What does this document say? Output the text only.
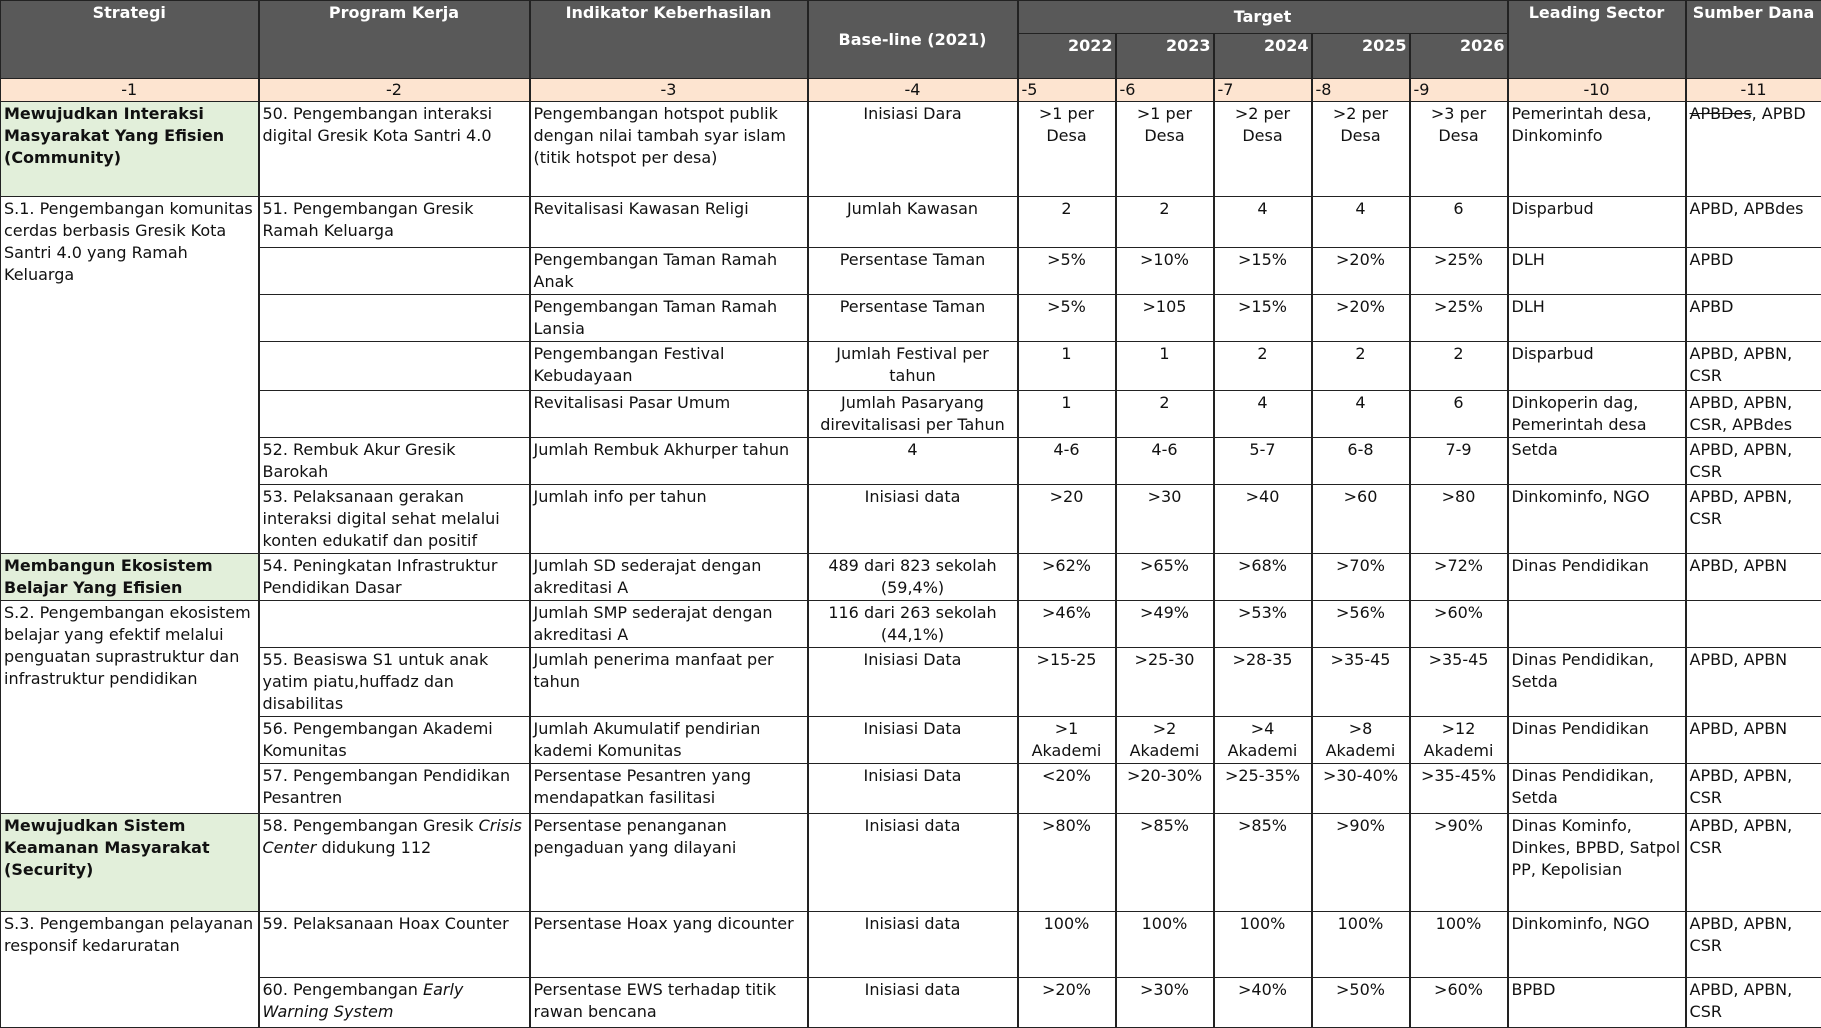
Strategi	Program Kerja	Indikator Keberhasilan	Base-line (2021)	Target					Leading Sector	Sumber Dana
				2022	2023	2024	2025	2026		
-1	-2	-3	-4	-5	-6	-7	-8	-9	-10	-11
Mewujudkan Interaksi Masyarakat Yang Efisien (Community)	50. Pengembangan interaksi digital Gresik Kota Santri 4.0	Pengembangan hotspot publik dengan nilai tambah syar islam (titik hotspot per desa)	Inisiasi Dara	>1 per Desa	>1 per Desa	>2 per Desa	>2 per Desa	>3 per Desa	Pemerintah desa, Dinkominfo	APBDes, APBD
S.1. Pengembangan komunitas cerdas berbasis Gresik Kota Santri 4.0 yang Ramah Keluarga	51. Pengembangan Gresik Ramah Keluarga	Revitalisasi Kawasan Religi	Jumlah Kawasan	2	2	4	4	6	Disparbud	APBD, APBdes
		Pengembangan Taman Ramah Anak	Persentase Taman	>5%	>10%	>15%	>20%	>25%	DLH	APBD
		Pengembangan Taman Ramah Lansia	Persentase Taman	>5%	>105	>15%	>20%	>25%	DLH	APBD
		Pengembangan Festival Kebudayaan	Jumlah Festival per tahun	1	1	2	2	2	Disparbud	APBD, APBN, CSR
		Revitalisasi Pasar Umum	Jumlah Pasaryang direvitalisasi per Tahun	1	2	4	4	6	Dinkoperin dag, Pemerintah desa	APBD, APBN, CSR, APBdes
	52. Rembuk Akur Gresik Barokah	Jumlah Rembuk Akhurper tahun	4	4-6	4-6	5-7	6-8	7-9	Setda	APBD, APBN, CSR
	53. Pelaksanaan gerakan interaksi digital sehat melalui konten edukatif dan positif	Jumlah info per tahun	Inisiasi data	>20	>30	>40	>60	>80	Dinkominfo, NGO	APBD, APBN, CSR
Membangun Ekosistem Belajar Yang Efisien	54. Peningkatan Infrastruktur Pendidikan Dasar	Jumlah SD sederajat dengan akreditasi A	489 dari 823 sekolah (59,4%)	>62%	>65%	>68%	>70%	>72%	Dinas Pendidikan	APBD, APBN
S.2. Pengembangan ekosistem belajar yang efektif melalui penguatan suprastruktur dan infrastruktur pendidikan		Jumlah SMP sederajat dengan akreditasi A	116 dari 263 sekolah (44,1%)	>46%	>49%	>53%	>56%	>60%		
	55. Beasiswa S1 untuk anak yatim piatu,huffadz dan disabilitas	Jumlah penerima manfaat per tahun	Inisiasi Data	>15-25	>25-30	>28-35	>35-45	>35-45	Dinas Pendidikan, Setda	APBD, APBN
	56. Pengembangan Akademi Komunitas	Jumlah Akumulatif pendirian kademi Komunitas	Inisiasi Data	>1 Akademi	>2 Akademi	>4 Akademi	>8 Akademi	>12 Akademi	Dinas Pendidikan	APBD, APBN
	57. Pengembangan Pendidikan Pesantren	Persentase Pesantren yang mendapatkan fasilitasi	Inisiasi Data	<20%	>20-30%	>25-35%	>30-40%	>35-45%	Dinas Pendidikan, Setda	APBD, APBN, CSR
Mewujudkan Sistem Keamanan Masyarakat (Security)	58. Pengembangan Gresik Crisis Center didukung 112	Persentase penanganan pengaduan yang dilayani	Inisiasi data	>80%	>85%	>85%	>90%	>90%	Dinas Kominfo, Dinkes, BPBD, Satpol PP, Kepolisian	APBD, APBN, CSR
S.3. Pengembangan pelayanan responsif kedaruratan	59. Pelaksanaan Hoax Counter	Persentase Hoax yang dicounter	Inisiasi data	100%	100%	100%	100%	100%	Dinkominfo, NGO	APBD, APBN, CSR
	60. Pengembangan Early Warning System	Persentase EWS terhadap titik rawan bencana	Inisiasi data	>20%	>30%	>40%	>50%	>60%	BPBD	APBD, APBN, CSR
